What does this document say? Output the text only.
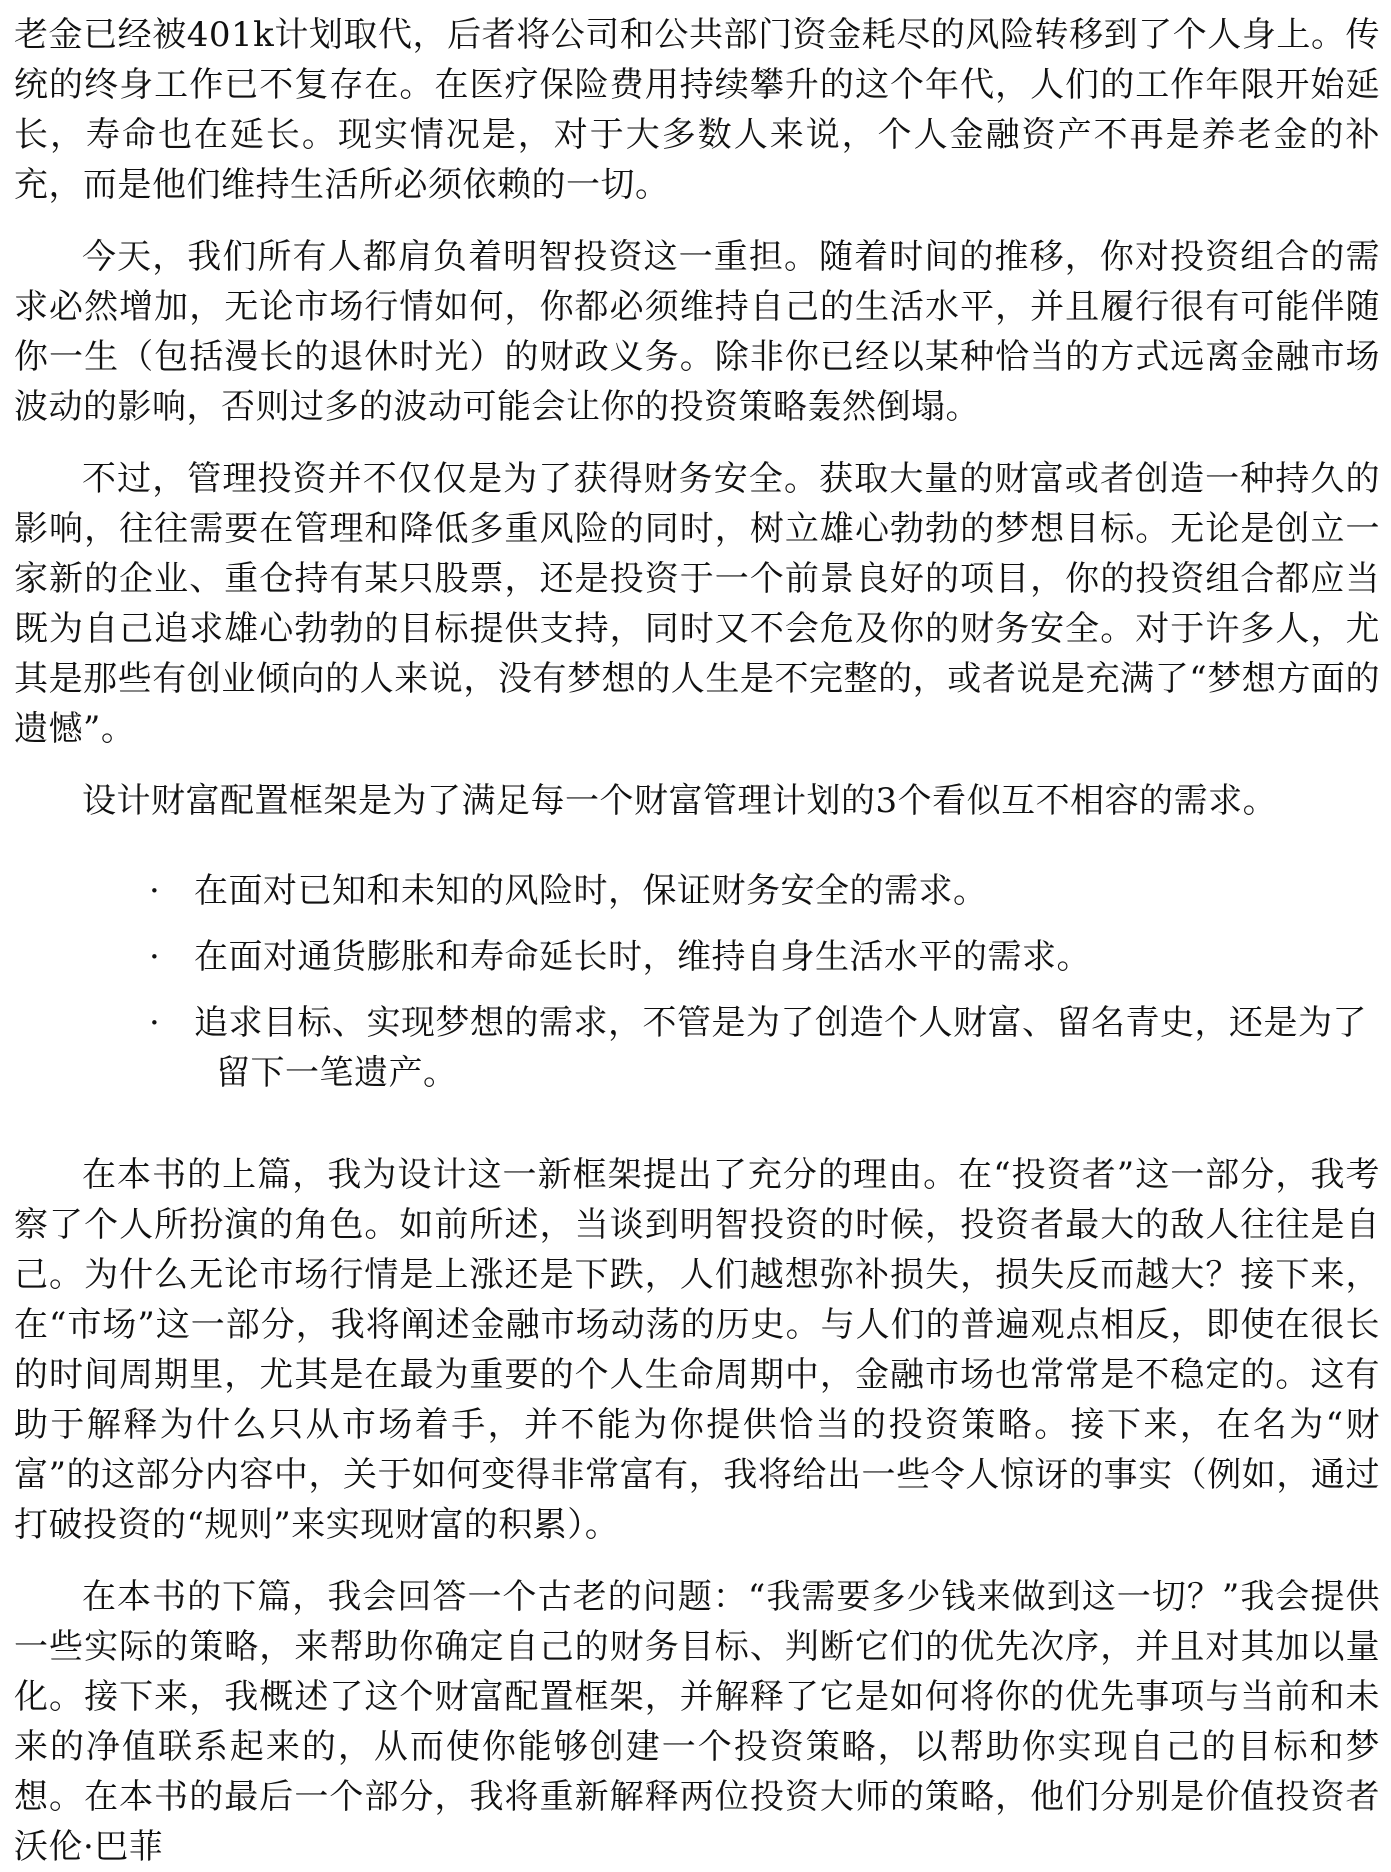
老金已经被401k计划取代，后者将公司和公共部门资金耗尽的风险转移到了个人身上。传统的终身工作已不复存在。在医疗保险费用持续攀升的这个年代，人们的工作年限开始延长，寿命也在延长。现实情况是，对于大多数人来说，个人金融资产不再是养老金的补充，而是他们维持生活所必须依赖的一切。

今天，我们所有人都肩负着明智投资这一重担。随着时间的推移，你对投资组合的需求必然增加，无论市场行情如何，你都必须维持自己的生活水平，并且履行很有可能伴随你一生（包括漫长的退休时光）的财政义务。除非你已经以某种恰当的方式远离金融市场波动的影响，否则过多的波动可能会让你的投资策略轰然倒塌。

不过，管理投资并不仅仅是为了获得财务安全。获取大量的财富或者创造一种持久的影响，往往需要在管理和降低多重风险的同时，树立雄心勃勃的梦想目标。无论是创立一家新的企业、重仓持有某只股票，还是投资于一个前景良好的项目，你的投资组合都应当既为自己追求雄心勃勃的目标提供支持，同时又不会危及你的财务安全。对于许多人，尤其是那些有创业倾向的人来说，没有梦想的人生是不完整的，或者说是充满了“梦想方面的遗憾”。

设计财富配置框架是为了满足每一个财富管理计划的3个看似互不相容的需求。

· 在面对已知和未知的风险时，保证财务安全的需求。
· 在面对通货膨胀和寿命延长时，维持自身生活水平的需求。
· 追求目标、实现梦想的需求，不管是为了创造个人财富、留名青史，还是为了
留下一笔遗产。

在本书的上篇，我为设计这一新框架提出了充分的理由。在“投资者”这一部分，我考察了个人所扮演的角色。如前所述，当谈到明智投资的时候，投资者最大的敌人往往是自己。为什么无论市场行情是上涨还是下跌，人们越想弥补损失，损失反而越大？接下来，在“市场”这一部分，我将阐述金融市场动荡的历史。与人们的普遍观点相反，即使在很长的时间周期里，尤其是在最为重要的个人生命周期中，金融市场也常常是不稳定的。这有助于解释为什么只从市场着手，并不能为你提供恰当的投资策略。接下来，在名为“财富”的这部分内容中，关于如何变得非常富有，我将给出一些令人惊讶的事实（例如，通过打破投资的“规则”来实现财富的积累）。

在本书的下篇，我会回答一个古老的问题：“我需要多少钱来做到这一切？”我会提供一些实际的策略，来帮助你确定自己的财务目标、判断它们的优先次序，并且对其加以量化。接下来，我概述了这个财富配置框架，并解释了它是如何将你的优先事项与当前和未来的净值联系起来的，从而使你能够创建一个投资策略，以帮助你实现自己的目标和梦想。在本书的最后一个部分，我将重新解释两位投资大师的策略，他们分别是价值投资者沃伦·巴菲
